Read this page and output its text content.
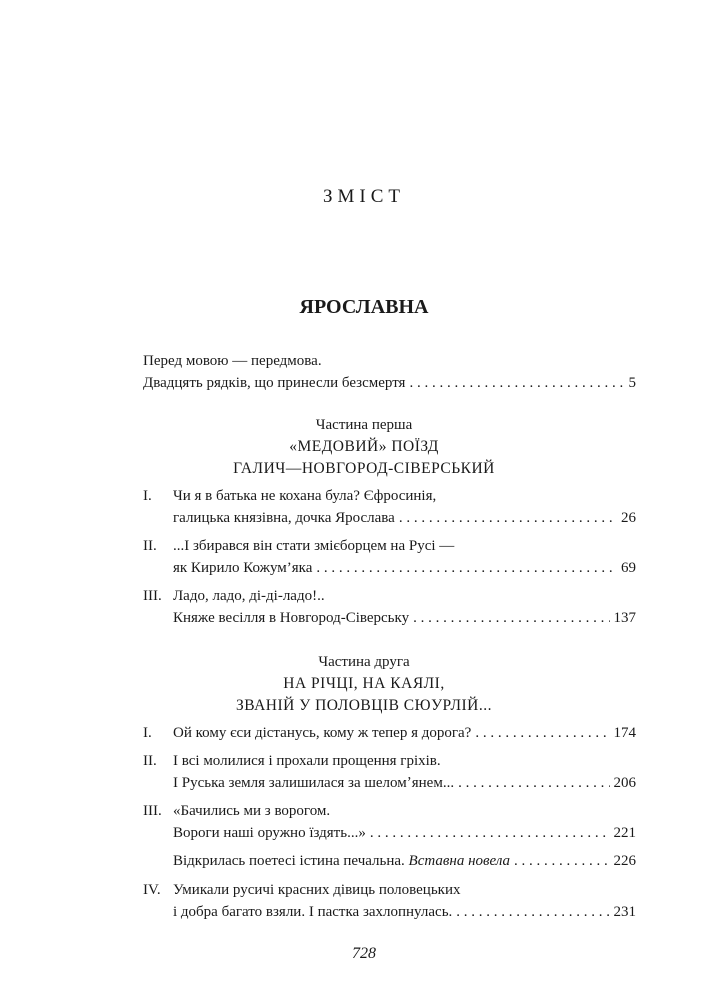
ЗМІСТ
ЯРОСЛАВНА
Перед мовою — передмова.
Двадцять рядків, що принесли безсмертя . . .	5
Частина перша
«МЕДОВИЙ» ПОЇЗД
ГАЛИЧ—НОВГОРОД-СІВЕРСЬКИЙ
I. Чи я в батька не кохана була? Єфросинія,
галицька князівна, дочка Ярослава . . .	26
II. ...І збирався він стати змієборцем на Русі —
як Кирило Кожум’яка . . .	69
III. Ладо, ладо, ді-ді-ладо!..
Княже весілля в Новгород-Сіверську . . .	137
Частина друга
НА РІЧЦІ, НА КАЯЛІ,
ЗВАНІЙ У ПОЛОВЦІВ СЮУРЛІЙ...
I. Ой кому єси дістанусь, кому ж тепер я дорога? . . .	174
II. І всі молилися і прохали прощення гріхів.
І Руська земля залишилася за шеломʼянем... . . .	206
III. «Бачились ми з ворогом.
Вороги наші оружно їздять...» . . .	221
Відкрилась поетесі істина печальна. Вставна новела . . .	226
IV. Умикали русичі красних дівиць половецьких
і добра багато взяли. І пастка захлопнулась. . . .	231
728
